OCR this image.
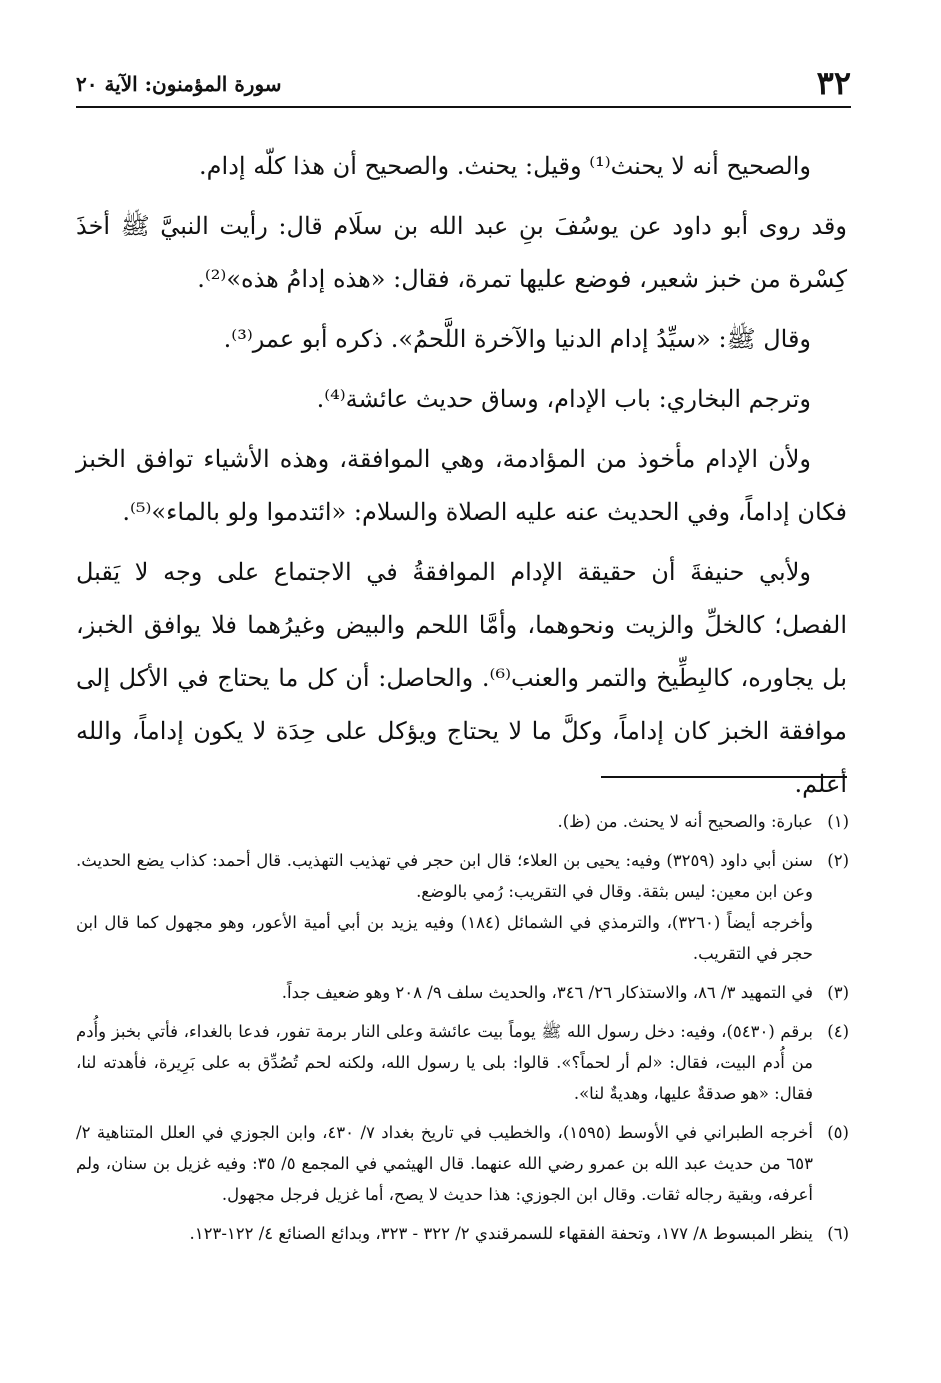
٣٢
سورة المؤمنون: الآية ٢٠

والصحيح أنه لا يحنث⁽¹⁾ وقيل: يحنث. والصحيح أن هذا كلّه إدام.

وقد روى أبو داود عن يوسُفَ بنِ عبد الله بن سلَام قال: رأيت النبيَّ ﷺ أخذَ كِسْرة من خبز شعير، فوضع عليها تمرة، فقال: «هذه إدامُ هذه»⁽²⁾.

وقال ﷺ: «سيِّدُ إدام الدنيا والآخرة اللَّحمُ». ذكره أبو عمر⁽³⁾.

وترجم البخاري: باب الإدام، وساق حديث عائشة⁽⁴⁾.

ولأن الإدام مأخوذ من المؤادمة، وهي الموافقة، وهذه الأشياء توافق الخبز فكان إداماً، وفي الحديث عنه عليه الصلاة والسلام: «ائتدموا ولو بالماء»⁽⁵⁾.

ولأبي حنيفةَ أن حقيقة الإدام الموافقةُ في الاجتماع على وجه لا يَقبل الفصل؛ كالخلِّ والزيت ونحوهما، وأمَّا اللحم والبيض وغيرُهما فلا يوافق الخبز، بل يجاوره، كالبِطِّيخ والتمر والعنب⁽⁶⁾. والحاصل: أن كل ما يحتاج في الأكل إلى موافقة الخبز كان إداماً، وكلَّ ما لا يحتاج ويؤكل على حِدَة لا يكون إداماً، والله أعلم.

(١)عبارة: والصحيح أنه لا يحنث. من (ظ).
(٢)سنن أبي داود (٣٢٥٩) وفيه: يحيى بن العلاء؛ قال ابن حجر في تهذيب التهذيب. قال أحمد: كذاب يضع الحديث. وعن ابن معين: ليس بثقة. وقال في التقريب: رُمي بالوضع.
وأخرجه أيضاً (٣٢٦٠)، والترمذي في الشمائل (١٨٤) وفيه يزيد بن أبي أمية الأعور، وهو مجهول كما قال ابن حجر في التقريب.
(٣)في التمهيد ٣/ ٨٦، والاستذكار ٢٦/ ٣٤٦، والحديث سلف ٩/ ٢٠٨ وهو ضعيف جداً.
(٤)برقم (٥٤٣٠)، وفيه: دخل رسول الله ﷺ يوماً بيت عائشة وعلى النار برمة تفور، فدعا بالغداء، فأتي بخبز وأُدم من أُدم البيت، فقال: «لم أر لحماً؟». قالوا: بلى يا رسول الله، ولكنه لحم تُصُدِّق به على بَرِيرة، فأهدته لنا، فقال: «هو صدقةٌ عليها، وهديةٌ لنا».
(٥)أخرجه الطبراني في الأوسط (١٥٩٥)، والخطيب في تاريخ بغداد ٧/ ٤٣٠، وابن الجوزي في العلل المتناهية ٢/ ٦٥٣ من حديث عبد الله بن عمرو رضي الله عنهما. قال الهيثمي في المجمع ٥/ ٣٥: وفيه غزيل بن سنان، ولم أعرفه، وبقية رجاله ثقات. وقال ابن الجوزي: هذا حديث لا يصح، أما غزيل فرجل مجهول.
(٦)ينظر المبسوط ٨/ ١٧٧، وتحفة الفقهاء للسمرقندي ٢/ ٣٢٢ - ٣٢٣، وبدائع الصنائع ٤/ ١٢٢-١٢٣.
